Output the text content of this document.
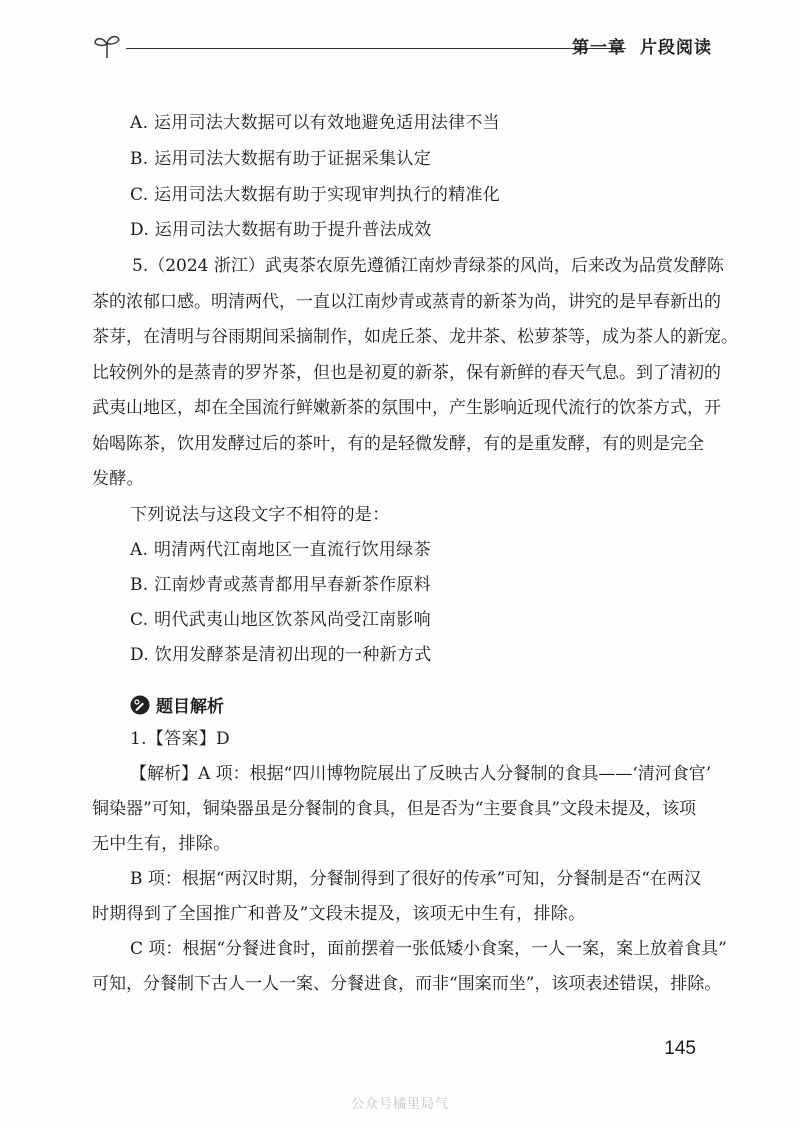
第一章 片段阅读
A. 运用司法大数据可以有效地避免适用法律不当
B. 运用司法大数据有助于证据采集认定
C. 运用司法大数据有助于实现审判执行的精准化
D. 运用司法大数据有助于提升普法成效
5.（2024 浙江）武夷茶农原先遵循江南炒青绿茶的风尚，后来改为品赏发酵陈
茶的浓郁口感。明清两代，一直以江南炒青或蒸青的新茶为尚，讲究的是早春新出的
茶芽，在清明与谷雨期间采摘制作，如虎丘茶、龙井茶、松萝茶等，成为茶人的新宠。
比较例外的是蒸青的罗岕茶，但也是初夏的新茶，保有新鲜的春天气息。到了清初的
武夷山地区，却在全国流行鲜嫩新茶的氛围中，产生影响近现代流行的饮茶方式，开
始喝陈茶，饮用发酵过后的茶叶，有的是轻微发酵，有的是重发酵，有的则是完全
发酵。
下列说法与这段文字不相符的是：
A. 明清两代江南地区一直流行饮用绿茶
B. 江南炒青或蒸青都用早春新茶作原料
C. 明代武夷山地区饮茶风尚受江南影响
D. 饮用发酵茶是清初出现的一种新方式
题目解析
1.【答案】D
【解析】A 项：根据“四川博物院展出了反映古人分餐制的食具——‘清河食官’
铜染器”可知，铜染器虽是分餐制的食具，但是否为“主要食具”文段未提及，该项
无中生有，排除。
B 项：根据“两汉时期，分餐制得到了很好的传承”可知，分餐制是否“在两汉
时期得到了全国推广和普及”文段未提及，该项无中生有，排除。
C 项：根据“分餐进食时，面前摆着一张低矮小食案，一人一案，案上放着食具”
可知，分餐制下古人一人一案、分餐进食，而非“围案而坐”，该项表述错误，排除。
145
公众号橘里局气
